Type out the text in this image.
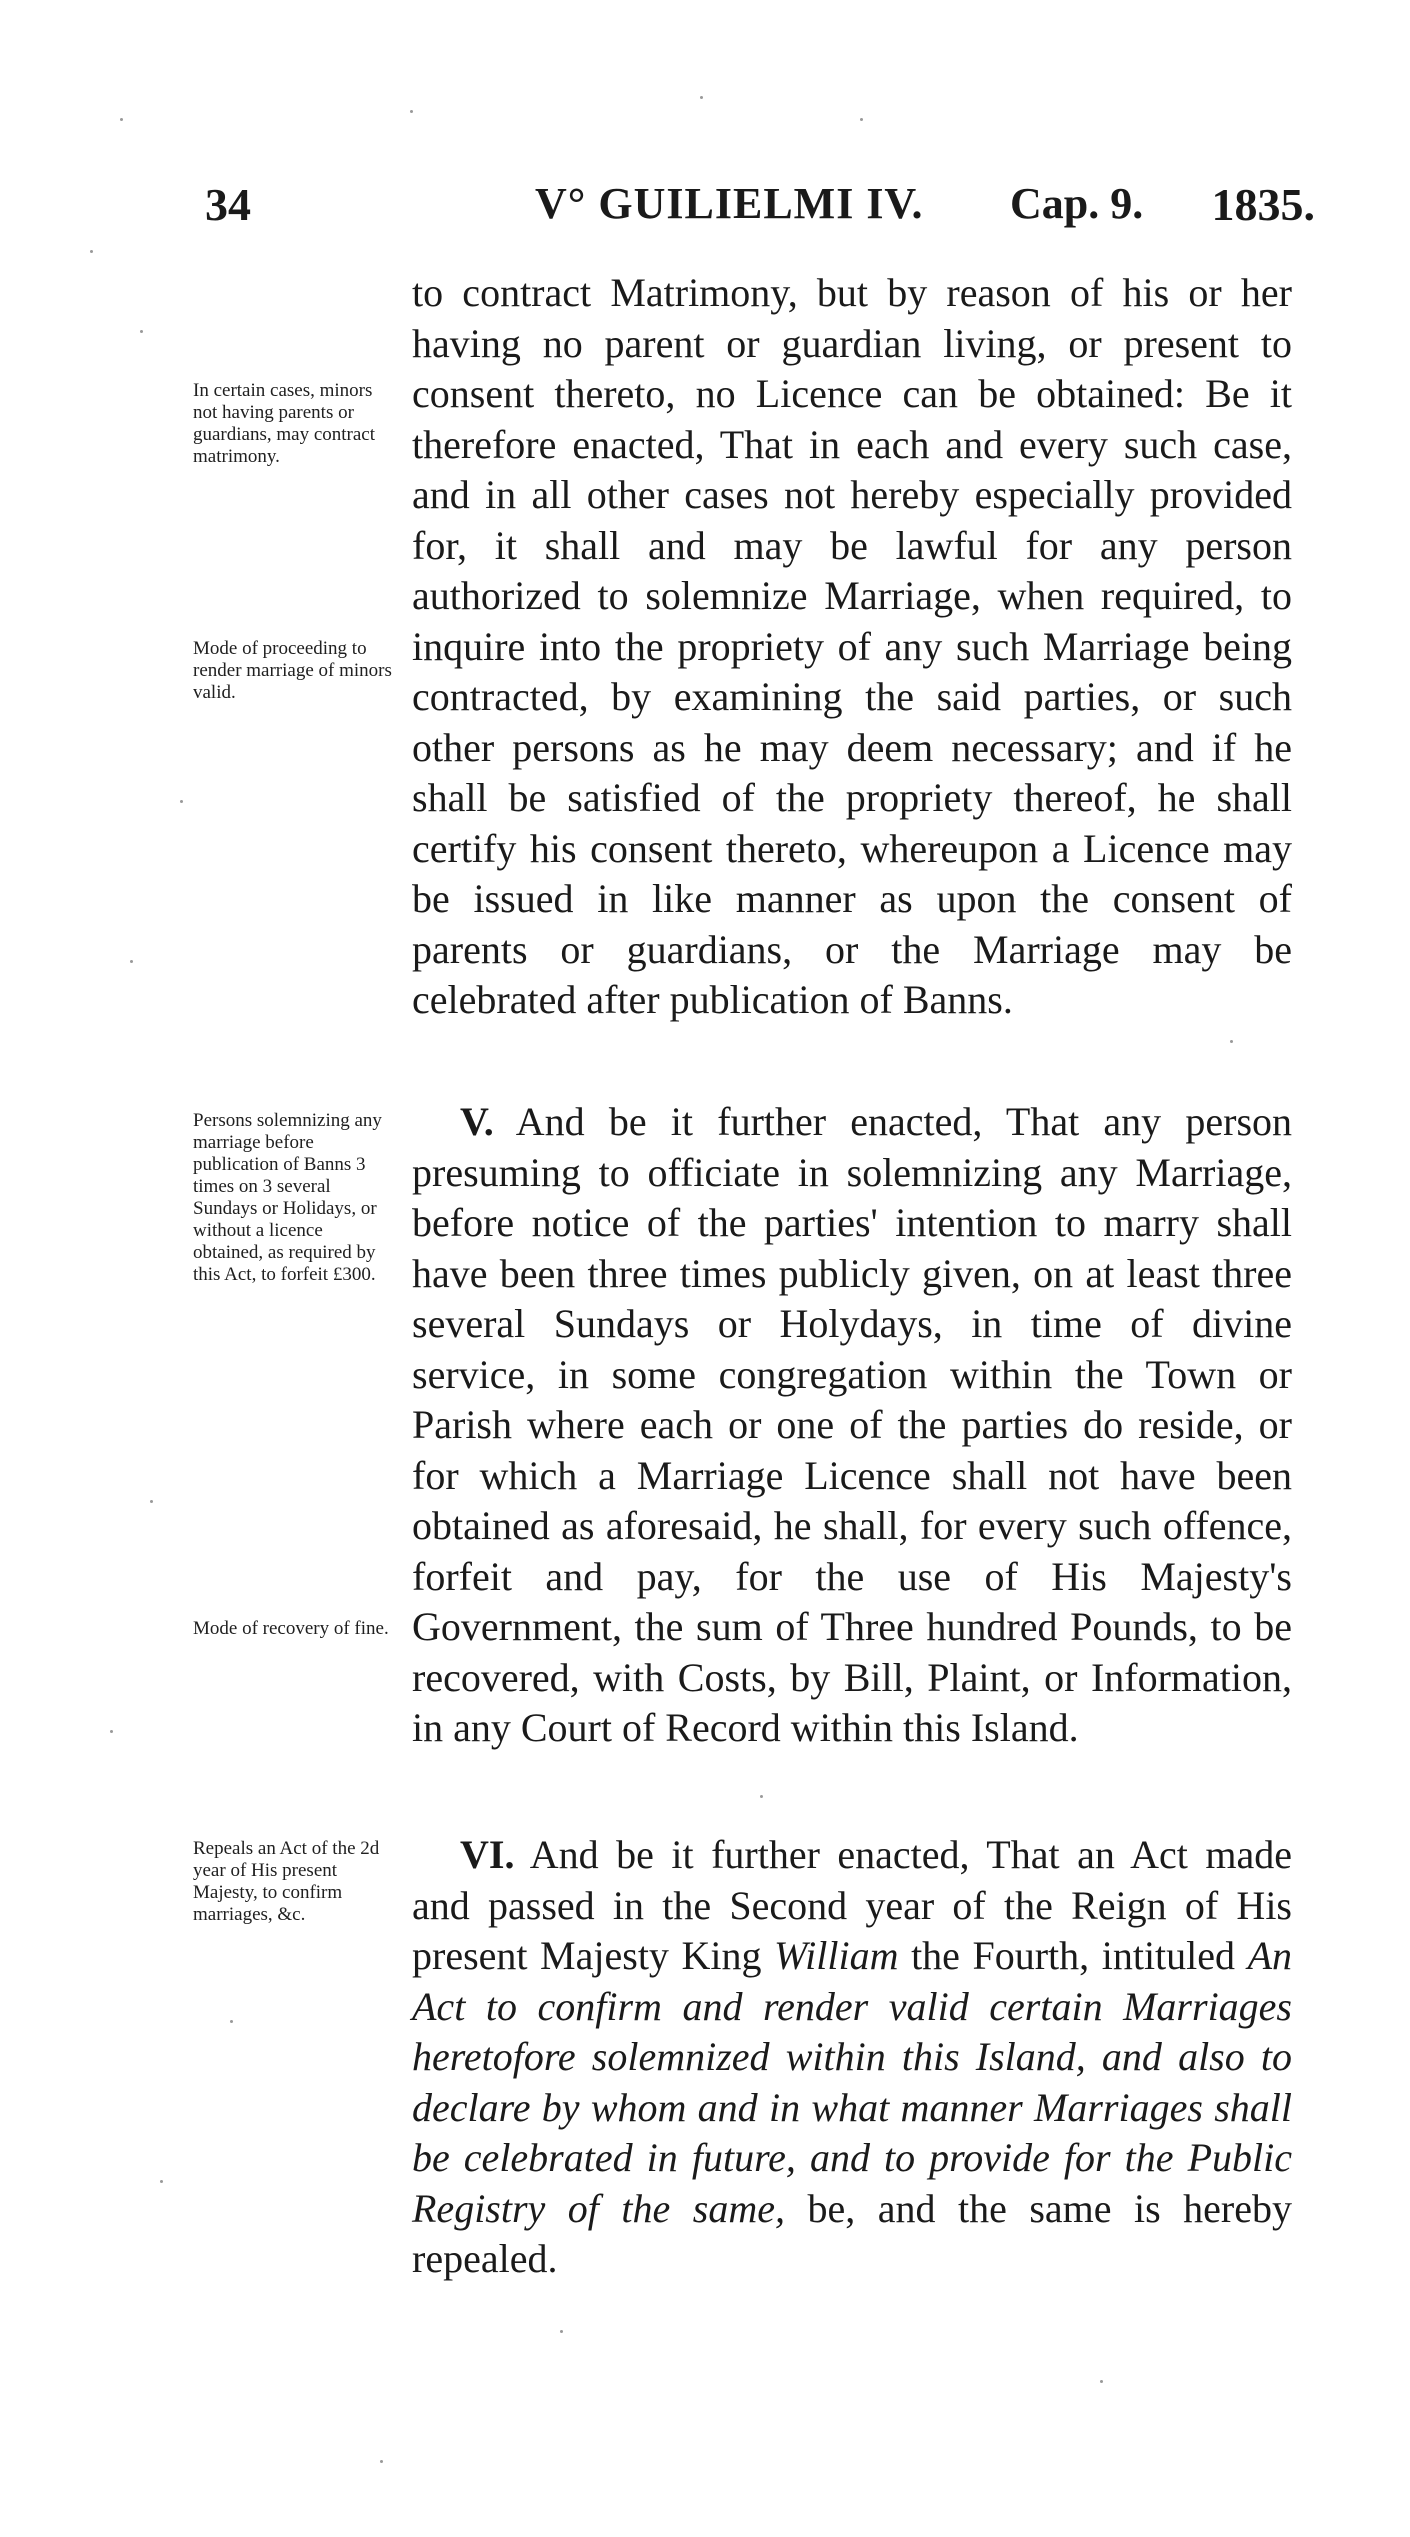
34	V° GUILIELMI IV. Cap. 9. 1835.

to contract Matrimony, but by reason of his or her having no parent or guardian living, or present to consent thereto, no Licence can be obtained: Be it therefore enacted, That in each and every such case, and in all other cases not hereby especially provided for, it shall and may be lawful for any person authorized to solemnize Marriage, when required, to inquire into the propriety of any such Marriage being contracted, by examining the said parties, or such other persons as he may deem necessary; and if he shall be satisfied of the propriety thereof, he shall certify his consent thereto, whereupon a Licence may be issued in like manner as upon the consent of parents or guardians, or the Marriage may be celebrated after publication of Banns.

V. And be it further enacted, That any person presuming to officiate in solemnizing any Marriage, before notice of the parties' intention to marry shall have been three times publicly given, on at least three several Sundays or Holydays, in time of divine service, in some congregation within the Town or Parish where each or one of the parties do reside, or for which a Marriage Licence shall not have been obtained as aforesaid, he shall, for every such offence, forfeit and pay, for the use of His Majesty's Government, the sum of Three hundred Pounds, to be recovered, with Costs, by Bill, Plaint, or Information, in any Court of Record within this Island.

VI. And be it further enacted, That an Act made and passed in the Second year of the Reign of His present Majesty King William the Fourth, intituled An Act to confirm and render valid certain Marriages heretofore solemnized within this Island, and also to declare by whom and in what manner Marriages shall be celebrated in future, and to provide for the Public Registry of the same, be, and the same is hereby repealed.

In certain cases, minors not having parents or guardians, may contract matrimony.
Mode of proceeding to render marriage of minors valid.
Persons solemnizing any marriage before publication of Banns 3 times on 3 several Sundays or Holidays, or without a licence obtained, as required by this Act, to forfeit £300.
Mode of recovery of fine.
Repeals an Act of the 2d year of His present Majesty, to confirm marriages, &c.
